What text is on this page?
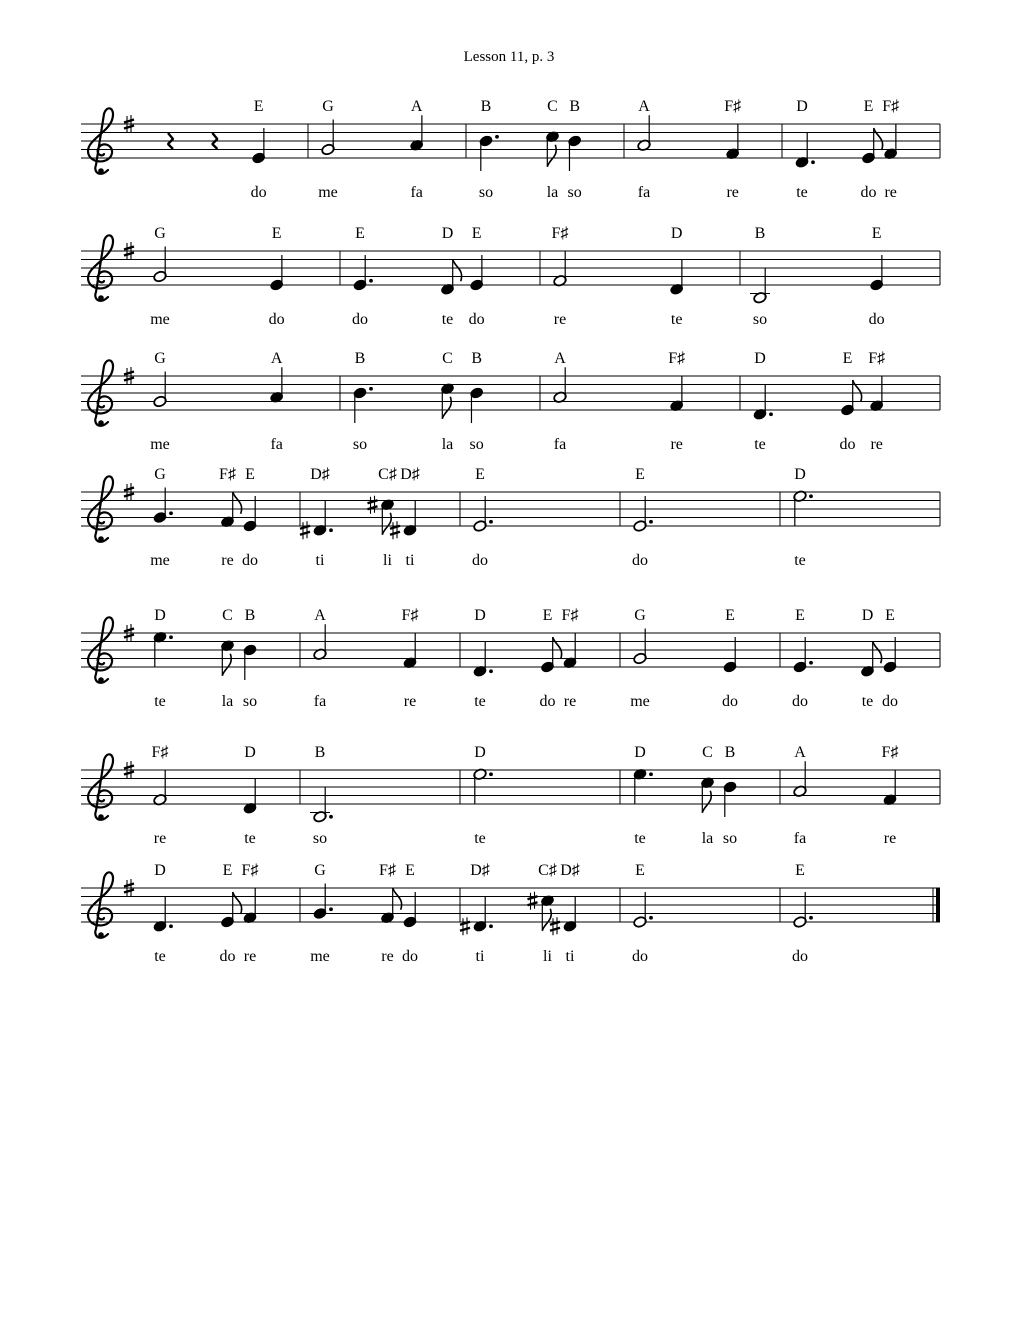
Lesson 11, p. 3
E
do
G
me
A
fa
B
so
C
la
B
so
A
fa
F♯
re
D
te
E
do
F♯
re
G
me
E
do
E
do
D
te
E
do
F♯
re
D
te
B
so
E
do
G
me
A
fa
B
so
C
la
B
so
A
fa
F♯
re
D
te
E
do
F♯
re
G
me
F♯
re
E
do
D♯
ti
C♯
li
D♯
ti
E
do
E
do
D
te
D
te
C
la
B
so
A
fa
F♯
re
D
te
E
do
F♯
re
G
me
E
do
E
do
D
te
E
do
F♯
re
D
te
B
so
D
te
D
te
C
la
B
so
A
fa
F♯
re
D
te
E
do
F♯
re
G
me
F♯
re
E
do
D♯
ti
C♯
li
D♯
ti
E
do
E
do
